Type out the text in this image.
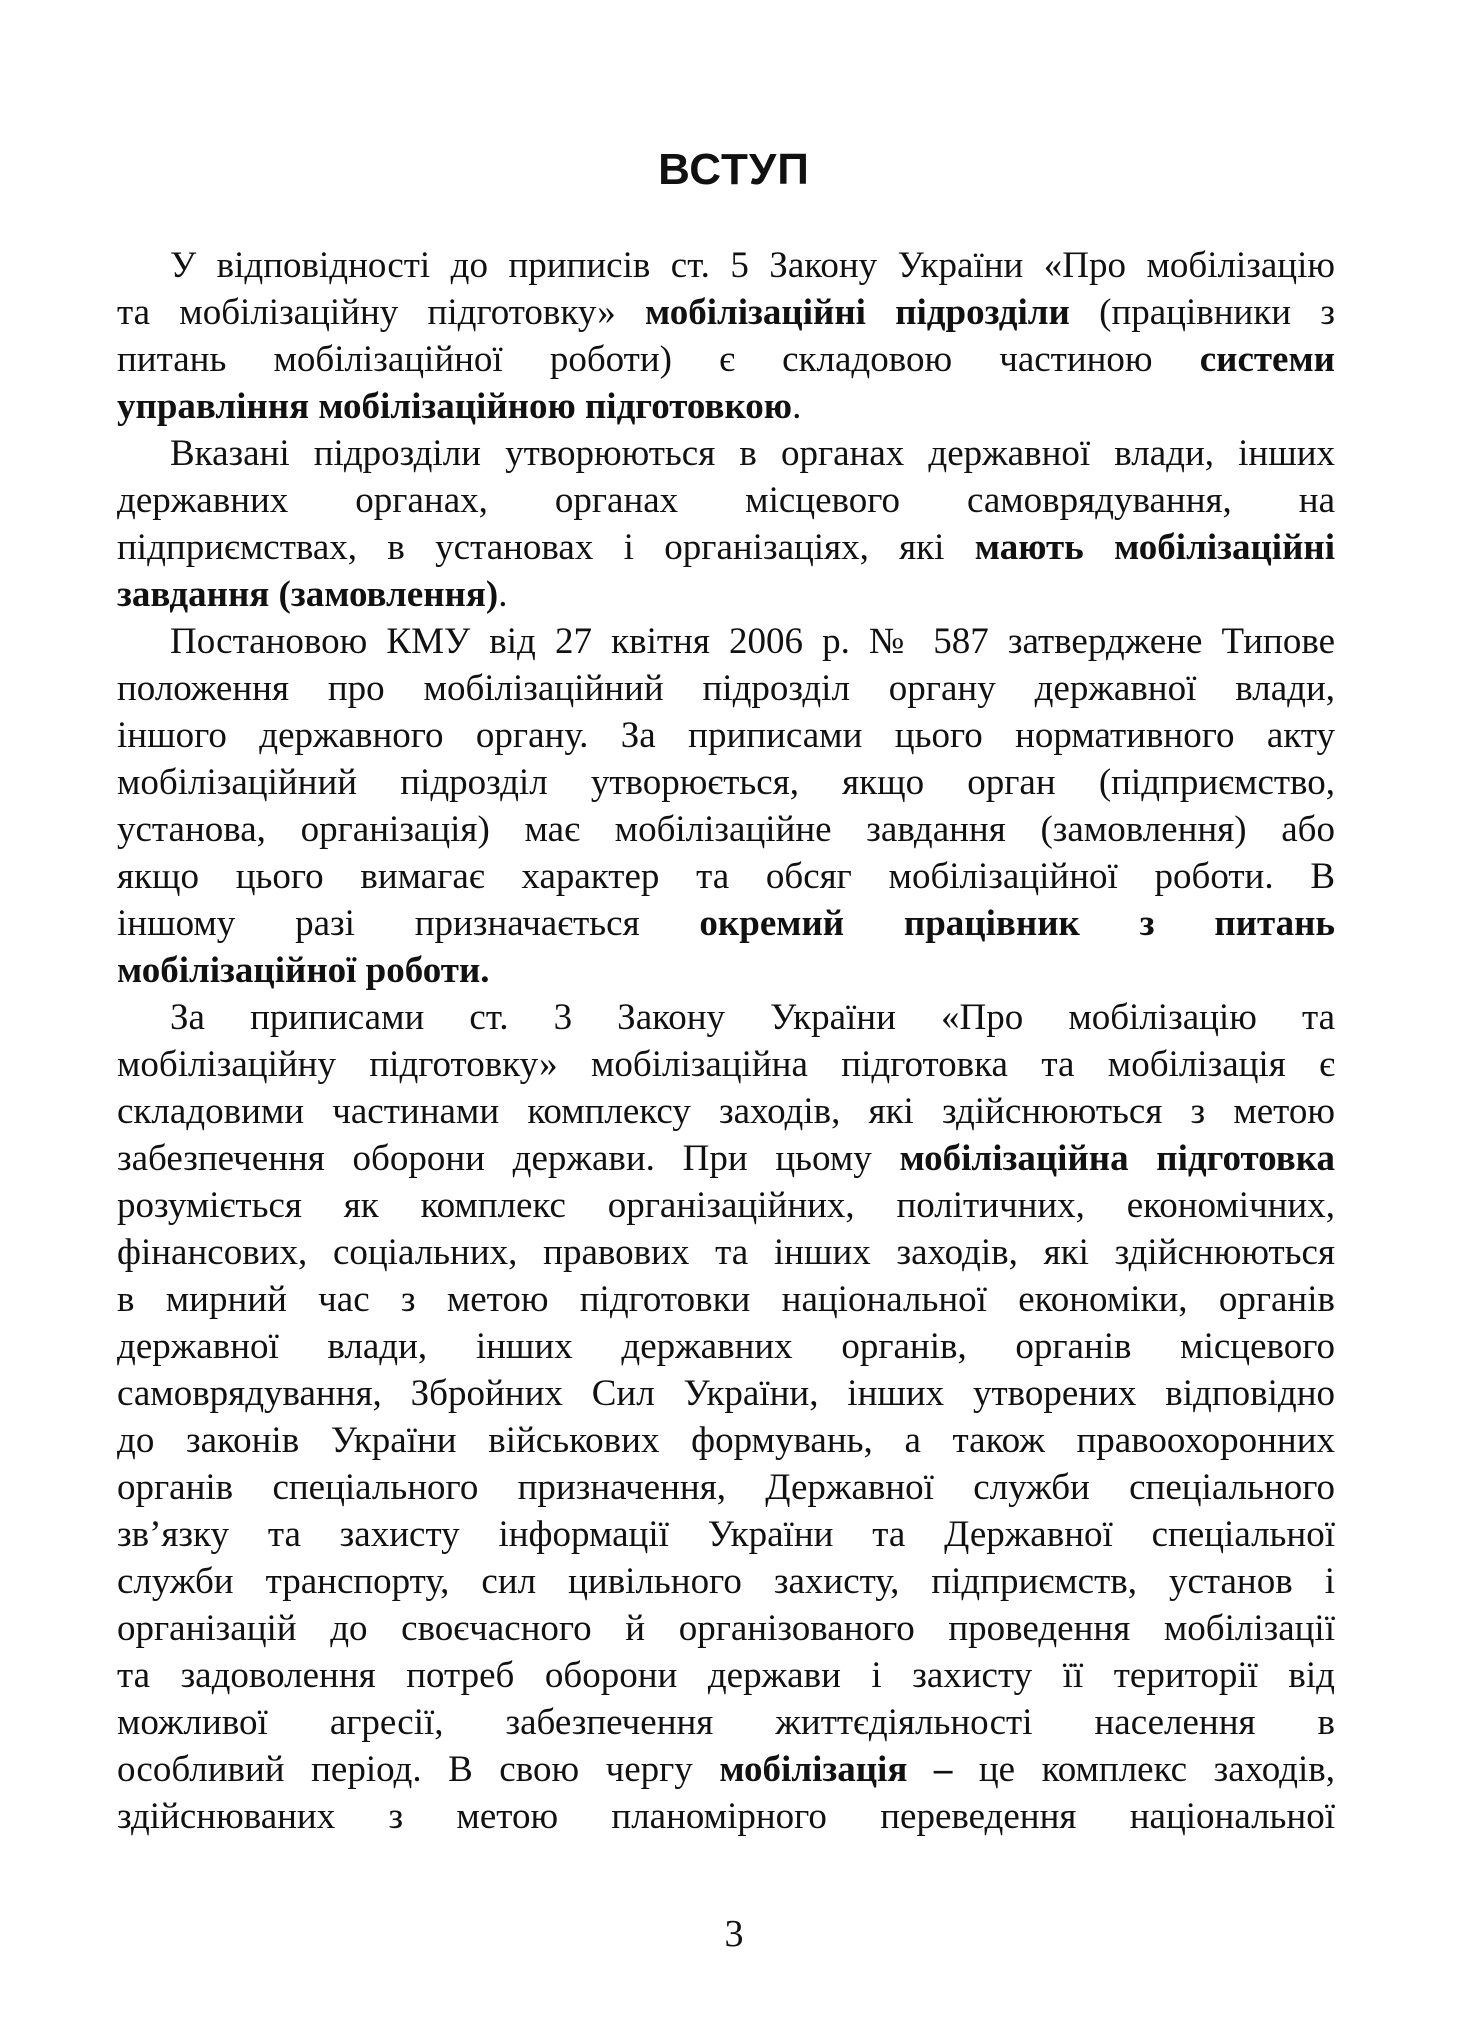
ВСТУП
У відповідності до приписів ст. 5 Закону України «Про мобілізацію
та мобілізаційну підготовку» мобілізаційні підрозділи (працівники з
питань мобілізаційної роботи) є складовою частиною системи
управління мобілізаційною підготовкою.
Вказані підрозділи утворюються в органах державної влади, інших
державних органах, органах місцевого самоврядування, на
підприємствах, в установах і організаціях, які мають мобілізаційні
завдання (замовлення).
Постановою КМУ від 27 квітня 2006 р. № 587 затверджене Типове
положення про мобілізаційний підрозділ органу державної влади,
іншого державного органу. За приписами цього нормативного акту
мобілізаційний підрозділ утворюється, якщо орган (підприємство,
установа, організація) має мобілізаційне завдання (замовлення) або
якщо цього вимагає характер та обсяг мобілізаційної роботи. В
іншому разі призначається окремий працівник з питань
мобілізаційної роботи.
За приписами ст. 3 Закону України «Про мобілізацію та
мобілізаційну підготовку» мобілізаційна підготовка та мобілізація є
складовими частинами комплексу заходів, які здійснюються з метою
забезпечення оборони держави. При цьому мобілізаційна підготовка
розуміється як комплекс організаційних, політичних, економічних,
фінансових, соціальних, правових та інших заходів, які здійснюються
в мирний час з метою підготовки національної економіки, органів
державної влади, інших державних органів, органів місцевого
самоврядування, Збройних Сил України, інших утворених відповідно
до законів України військових формувань, а також правоохоронних
органів спеціального призначення, Державної служби спеціального
зв’язку та захисту інформації України та Державної спеціальної
служби транспорту, сил цивільного захисту, підприємств, установ і
організацій до своєчасного й організованого проведення мобілізації
та задоволення потреб оборони держави і захисту її території від
можливої агресії, забезпечення життєдіяльності населення в
особливий період. В свою чергу мобілізація – це комплекс заходів,
здійснюваних з метою планомірного переведення національної
3
